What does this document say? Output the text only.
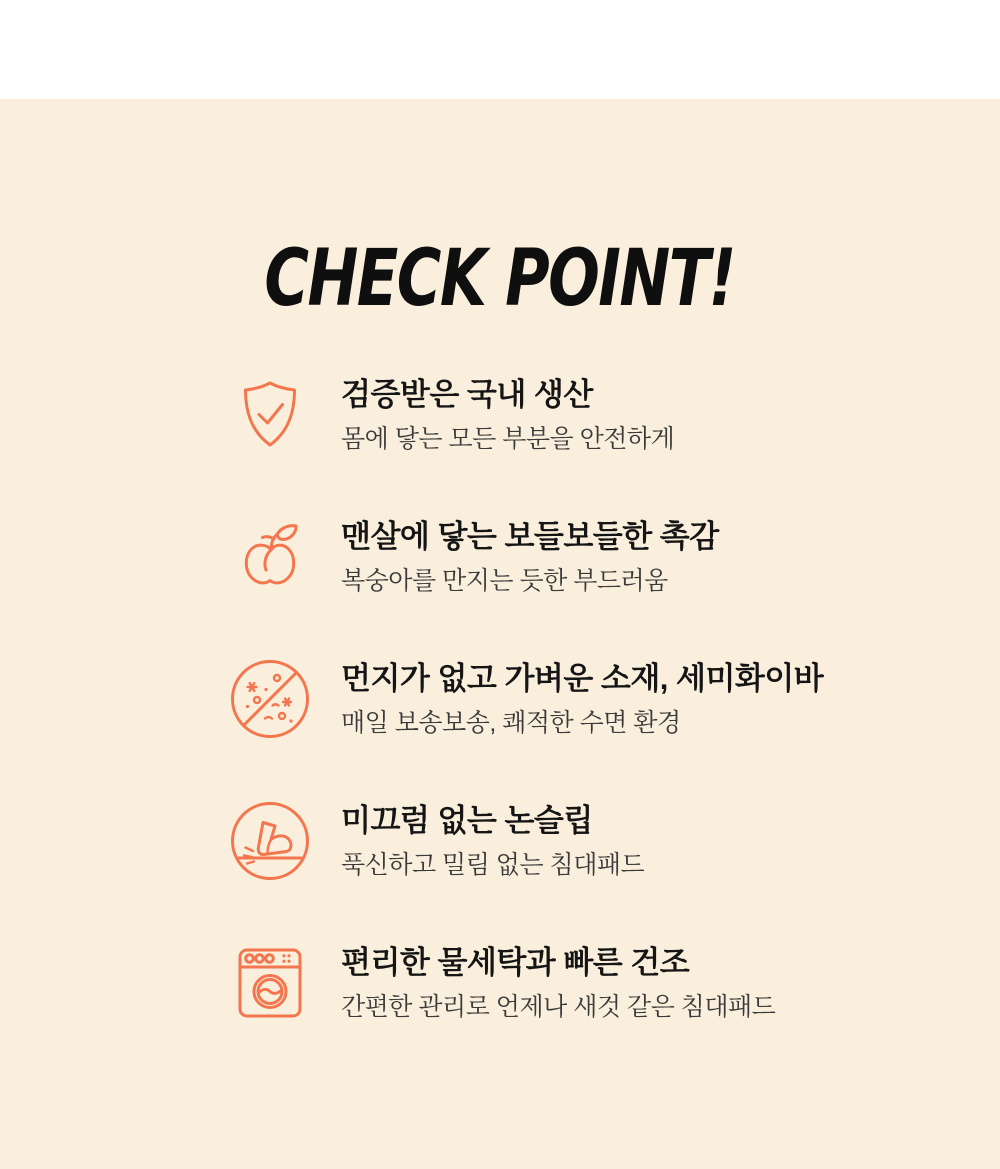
CHECK POINT!
검증받은 국내 생산

몸에 닿는 모든 부분을 안전하게

맨살에 닿는 보들보들한 촉감

복숭아를 만지는 듯한 부드러움

먼지가 없고 가벼운 소재, 세미화이바

매일 보송보송, 쾌적한 수면 환경

미끄럼 없는 논슬립

푹신하고 밀림 없는 침대패드

편리한 물세탁과 빠른 건조

간편한 관리로 언제나 새것 같은 침대패드
